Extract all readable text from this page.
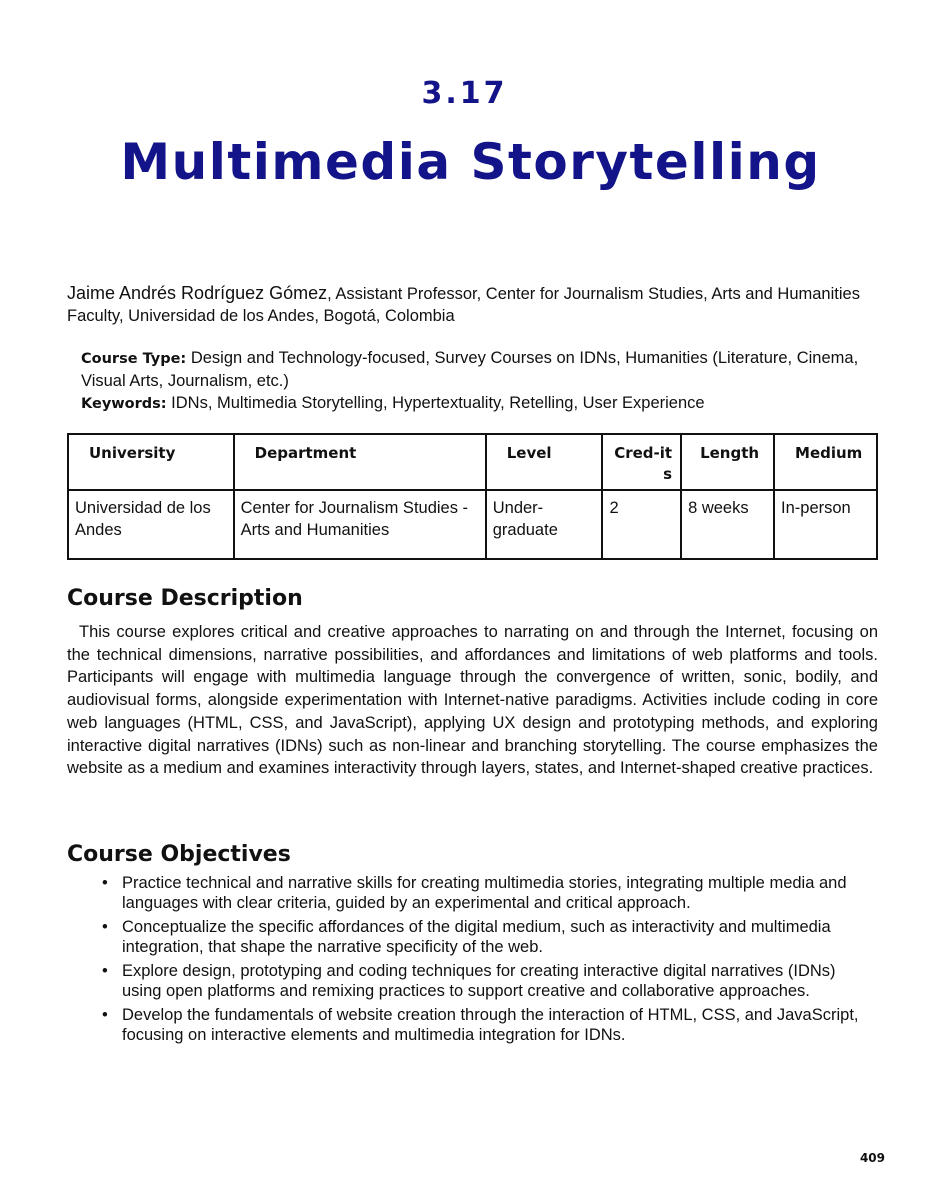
3.17
Multimedia Storytelling
Jaime Andrés Rodríguez Gómez, Assistant Professor, Center for Journalism Studies, Arts and Humanities Faculty, Universidad de los Andes, Bogotá, Colombia
Course Type: Design and Technology-focused, Survey Courses on IDNs, Humanities (Literature, Cinema, Visual Arts, Journalism, etc.)
Keywords: IDNs, Multimedia Storytelling, Hypertextuality, Retelling, User Experience
University	Department	Level	Cred-its	Length	Medium
Universidad de los Andes	Center for Journalism Studies - Arts and Humanities	Under-graduate	2	8 weeks	In-person
Course Description

This course explores critical and creative approaches to narrating on and through the Internet, focusing on the technical dimensions, narrative possibilities, and affordances and limitations of web platforms and tools. Participants will engage with multimedia language through the convergence of written, sonic, bodily, and audiovisual forms, alongside experimentation with Internet-native paradigms. Activities include coding in core web languages (HTML, CSS, and JavaScript), applying UX design and prototyping methods, and exploring interactive digital narratives (IDNs) such as non-linear and branching storytelling. The course emphasizes the website as a medium and examines interactivity through layers, states, and Internet-shaped creative practices.

Course Objectives
• Practice technical and narrative skills for creating multimedia stories, integrating multiple media and languages with clear criteria, guided by an experimental and critical approach.
• Conceptualize the specific affordances of the digital medium, such as interactivity and multimedia integration, that shape the narrative specificity of the web.
• Explore design, prototyping and coding techniques for creating interactive digital narratives (IDNs) using open platforms and remixing practices to support creative and collaborative approaches.
• Develop the fundamentals of website creation through the interaction of HTML, CSS, and JavaScript, focusing on interactive elements and multimedia integration for IDNs.
409
